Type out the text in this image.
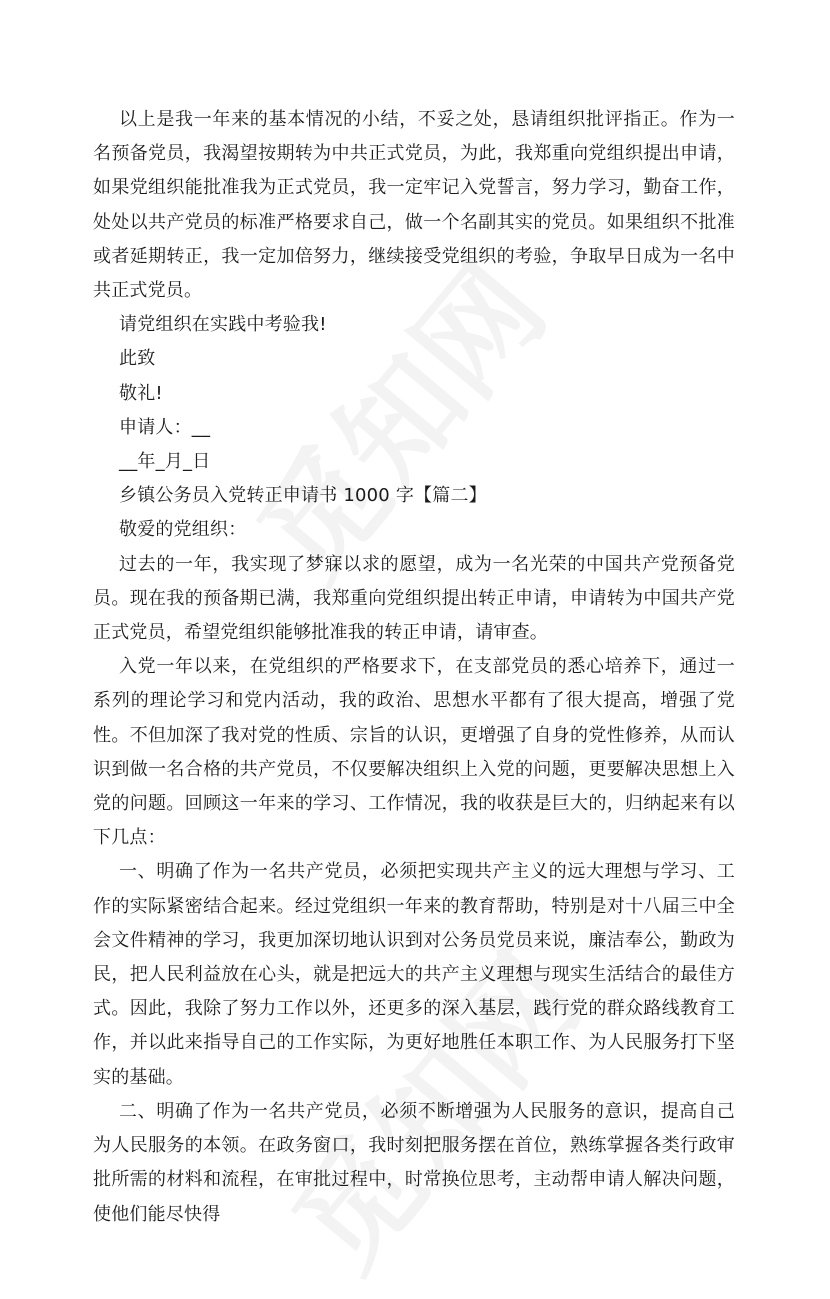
以上是我一年来的基本情况的小结，不妥之处，恳请组织批评指正。作为一名预备党员，我渴望按期转为中共正式党员，为此，我郑重向党组织提出申请，如果党组织能批准我为正式党员，我一定牢记入党誓言，努力学习，勤奋工作，处处以共产党员的标准严格要求自己，做一个名副其实的党员。如果组织不批准或者延期转正，我一定加倍努力，继续接受党组织的考验，争取早日成为一名中共正式党员。

请党组织在实践中考验我!

此致

敬礼!

申请人：__

__年_月_日

乡镇公务员入党转正申请书 1000 字【篇二】

敬爱的党组织：

过去的一年，我实现了梦寐以求的愿望，成为一名光荣的中国共产党预备党员。现在我的预备期已满，我郑重向党组织提出转正申请，申请转为中国共产党正式党员，希望党组织能够批准我的转正申请，请审查。

入党一年以来，在党组织的严格要求下，在支部党员的悉心培养下，通过一系列的理论学习和党内活动，我的政治、思想水平都有了很大提高，增强了党性。不但加深了我对党的性质、宗旨的认识，更增强了自身的党性修养，从而认识到做一名合格的共产党员，不仅要解决组织上入党的问题，更要解决思想上入党的问题。回顾这一年来的学习、工作情况，我的收获是巨大的，归纳起来有以下几点：

一、明确了作为一名共产党员，必须把实现共产主义的远大理想与学习、工作的实际紧密结合起来。经过党组织一年来的教育帮助，特别是对十八届三中全会文件精神的学习，我更加深切地认识到对公务员党员来说，廉洁奉公，勤政为民，把人民利益放在心头，就是把远大的共产主义理想与现实生活结合的最佳方式。因此，我除了努力工作以外，还更多的深入基层，践行党的群众路线教育工作，并以此来指导自己的工作实际，为更好地胜任本职工作、为人民服务打下坚实的基础。

二、明确了作为一名共产党员，必须不断增强为人民服务的意识，提高自己为人民服务的本领。在政务窗口，我时刻把服务摆在首位，熟练掌握各类行政审批所需的材料和流程，在审批过程中，时常换位思考，主动帮申请人解决问题，使他们能尽快得
